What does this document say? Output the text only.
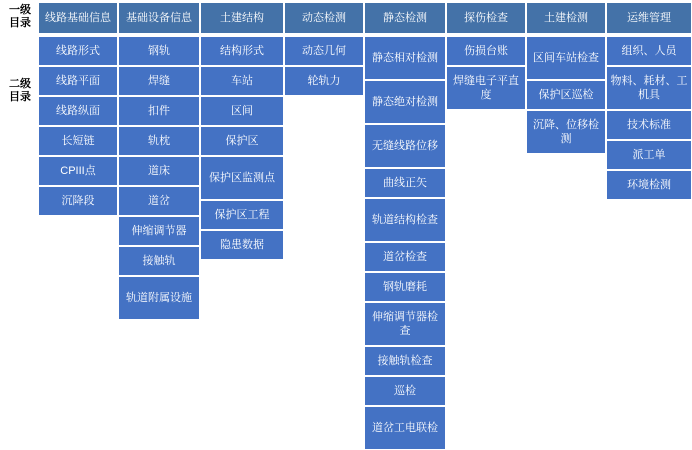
一级
目录
二级
目录
线路基础信息
线路形式
线路平面
线路纵面
长短链
CPIII点
沉降段
基础设备信息
钢轨
焊缝
扣件
轨枕
道床
道岔
伸缩调节器
接触轨
轨道附属设施
土建结构
结构形式
车站
区间
保护区
保护区监测点
保护区工程
隐患数据
动态检测
动态几何
轮轨力
静态检测
静态相对检测
静态绝对检测
无缝线路位移
曲线正矢
轨道结构检查
道岔检查
钢轨磨耗
伸缩调节器检查
接触轨检查
巡检
道岔工电联检
探伤检查
伤损台账
焊缝电子平直度
土建检测
区间车站检查
保护区巡检
沉降、位移检测
运维管理
组织、人员
物料、耗材、工机具
技术标准
派工单
环境检测
